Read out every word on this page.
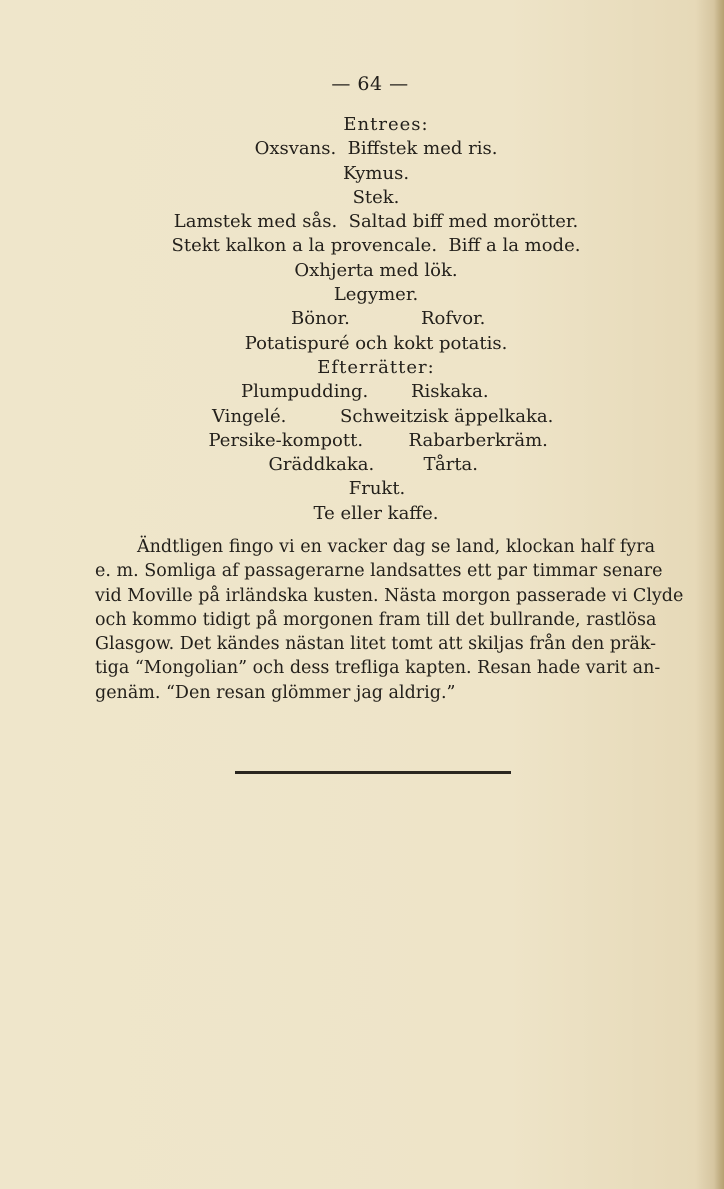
— 64 —
Entrees:
Oxsvans.  Biffstek med ris.
Kymus.
Stek.
Lamstek med sås.  Saltad biff med morötter.
Stekt kalkon a la provencale.  Biff a la mode.
Oxhjerta med lök.
Legymer.
Bönor.	Rofvor.
Potatispuré och kokt potatis.
Efterrätter:
Plumpudding.	Riskaka.
Vingelé.	Schweitzisk äppelkaka.
Persike-kompott.	Rabarberkräm.
Gräddkaka.	Tårta.
Frukt.
Te eller kaffe.
Ändtligen fingo vi en vacker dag se land, klockan half fyra
e. m. Somliga af passagerarne landsattes ett par timmar senare
vid Moville på irländska kusten. Nästa morgon passerade vi Clyde
och kommo tidigt på morgonen fram till det bullrande, rastlösa
Glasgow. Det kändes nästan litet tomt att skiljas från den präk-
tiga “Mongolian” och dess trefliga kapten. Resan hade varit an-
genäm. “Den resan glömmer jag aldrig.”
